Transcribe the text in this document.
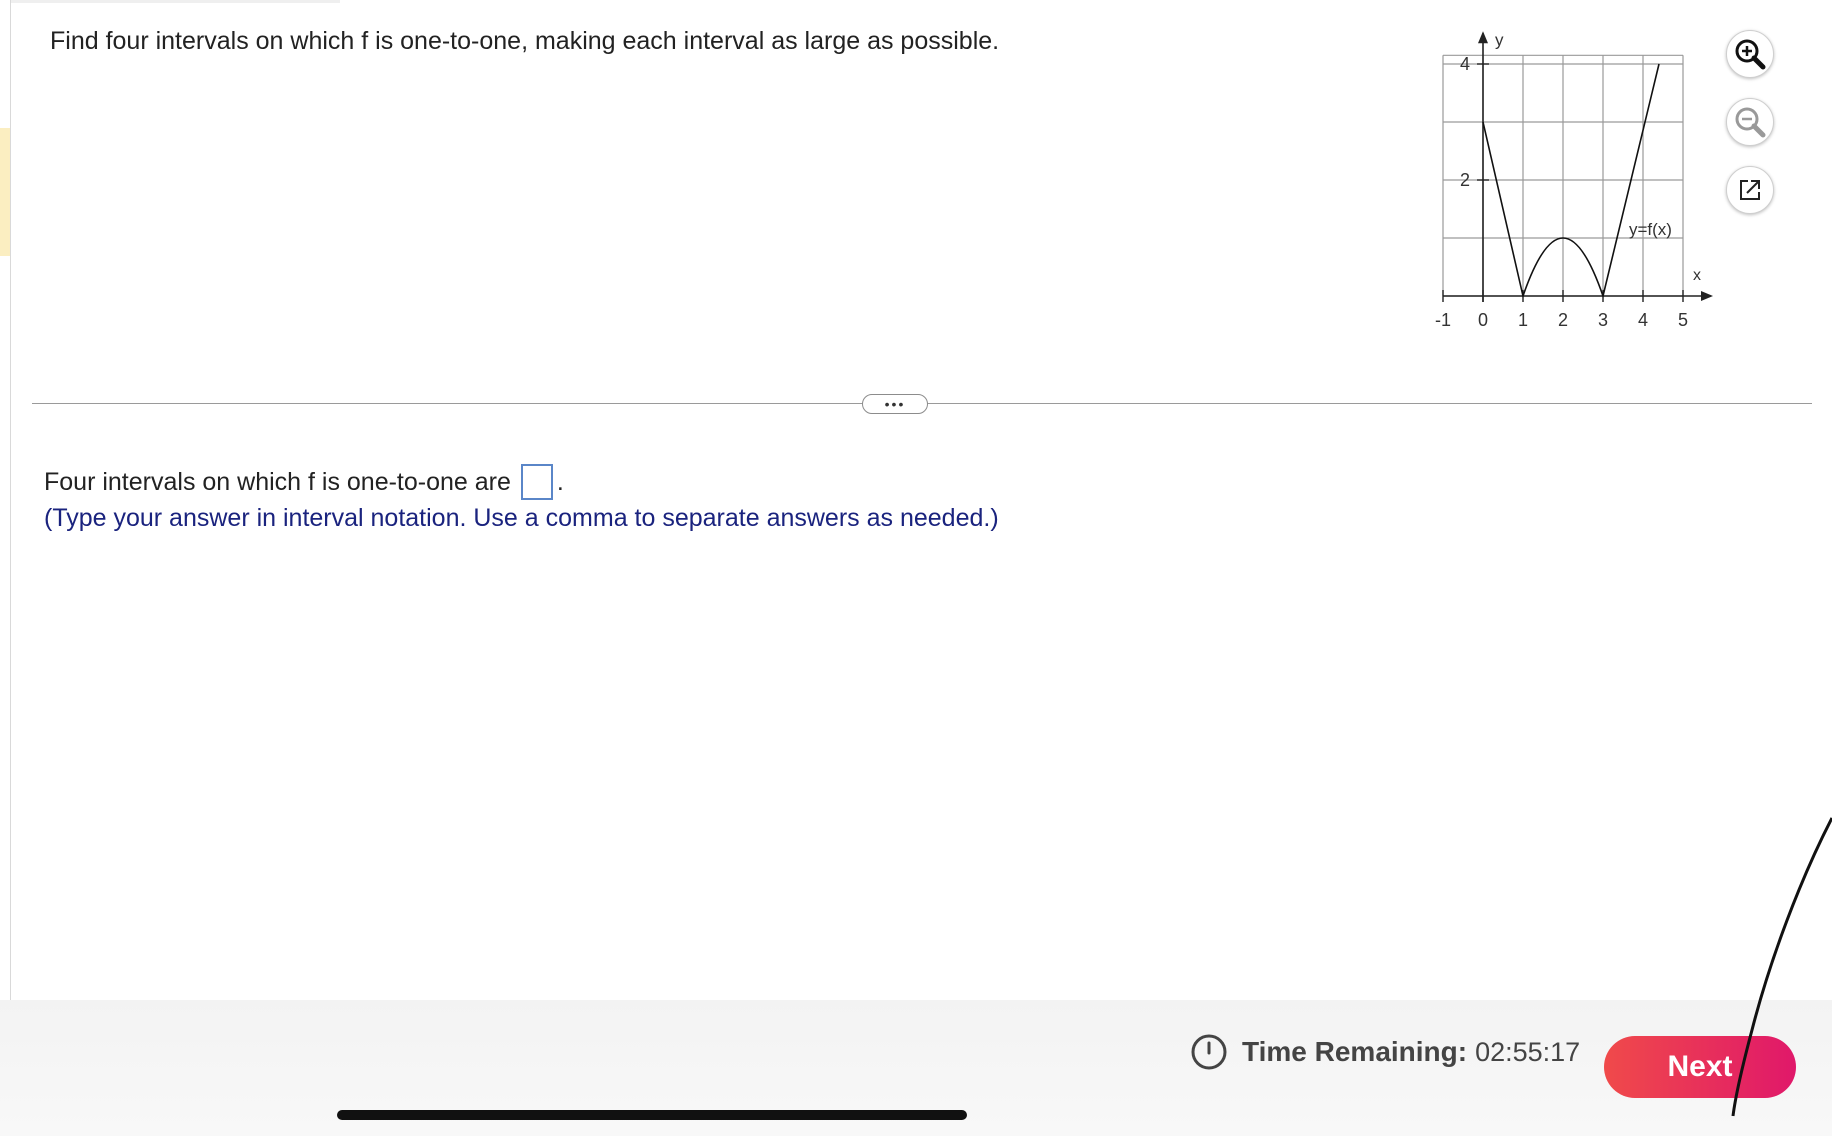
Find four intervals on which f is one-to-one, making each interval as large as possible.	y
x
y=f(x)
-1 0 1 2 3 4 5
2
4
•••
Four intervals on which f is one-to-one are .
(Type your answer in interval notation. Use a comma to separate answers as needed.)
Time Remaining: 02:55:17	Next
